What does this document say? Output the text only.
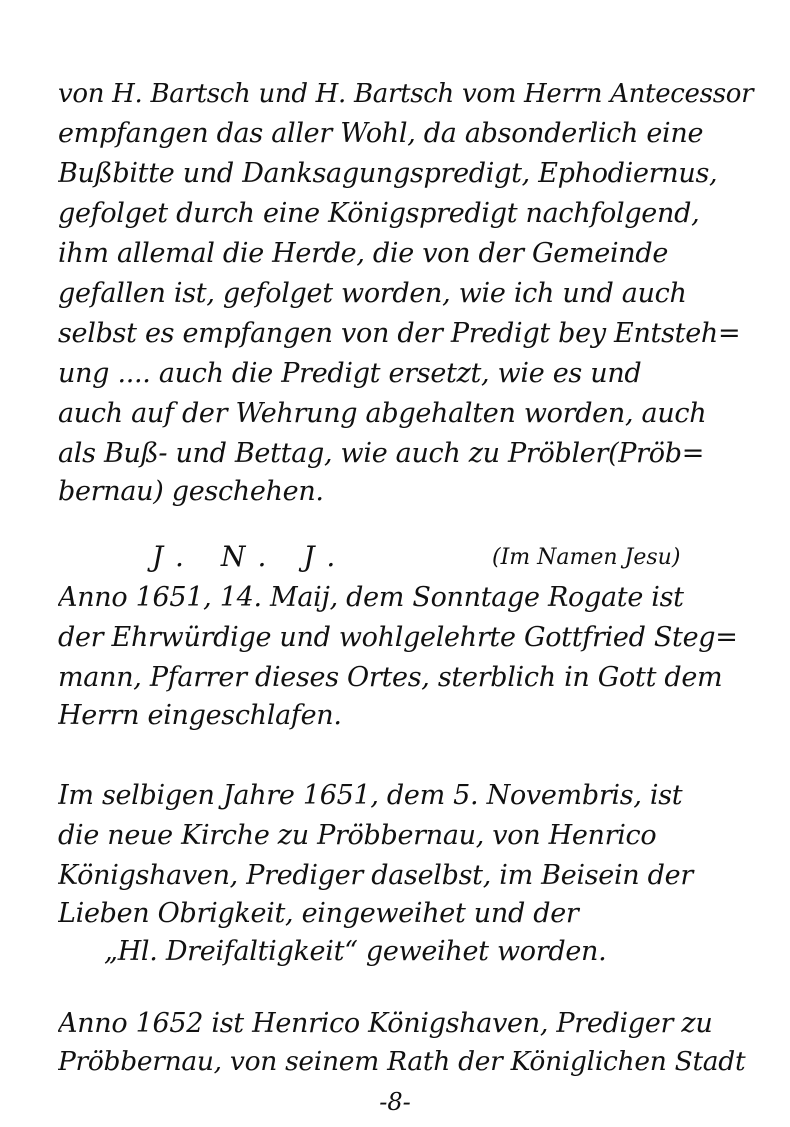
von H. Bartsch und H. Bartsch vom Herrn Antecessor
empfangen das aller Wohl, da absonderlich eine
Bußbitte und Danksagungspredigt, Ephodiernus,
gefolget durch eine Königspredigt nachfolgend,
ihm allemal die Herde, die von der Gemeinde
gefallen ist, gefolget worden, wie ich und auch
selbst es empfangen von der Predigt bey Entsteh=
ung .... auch die Predigt ersetzt, wie es und
auch auf der Wehrung abgehalten worden, auch
als Buß- und Bettag, wie auch zu Pröbler(Pröb=
bernau) geschehen.
J. N. J.	(Im Namen Jesu)
Anno 1651, 14. Maij, dem Sonntage Rogate ist
der Ehrwürdige und wohlgelehrte Gottfried Steg=
mann, Pfarrer dieses Ortes, sterblich in Gott dem
Herrn eingeschlafen.
Im selbigen Jahre 1651, dem 5. Novembris, ist
die neue Kirche zu Pröbbernau, von Henrico
Königshaven, Prediger daselbst, im Beisein der
Lieben Obrigkeit, eingeweihet und der
„Hl. Dreifaltigkeit“ geweihet worden.
Anno 1652 ist Henrico Königshaven, Prediger zu
Pröbbernau, von seinem Rath der Königlichen Stadt
-8-
